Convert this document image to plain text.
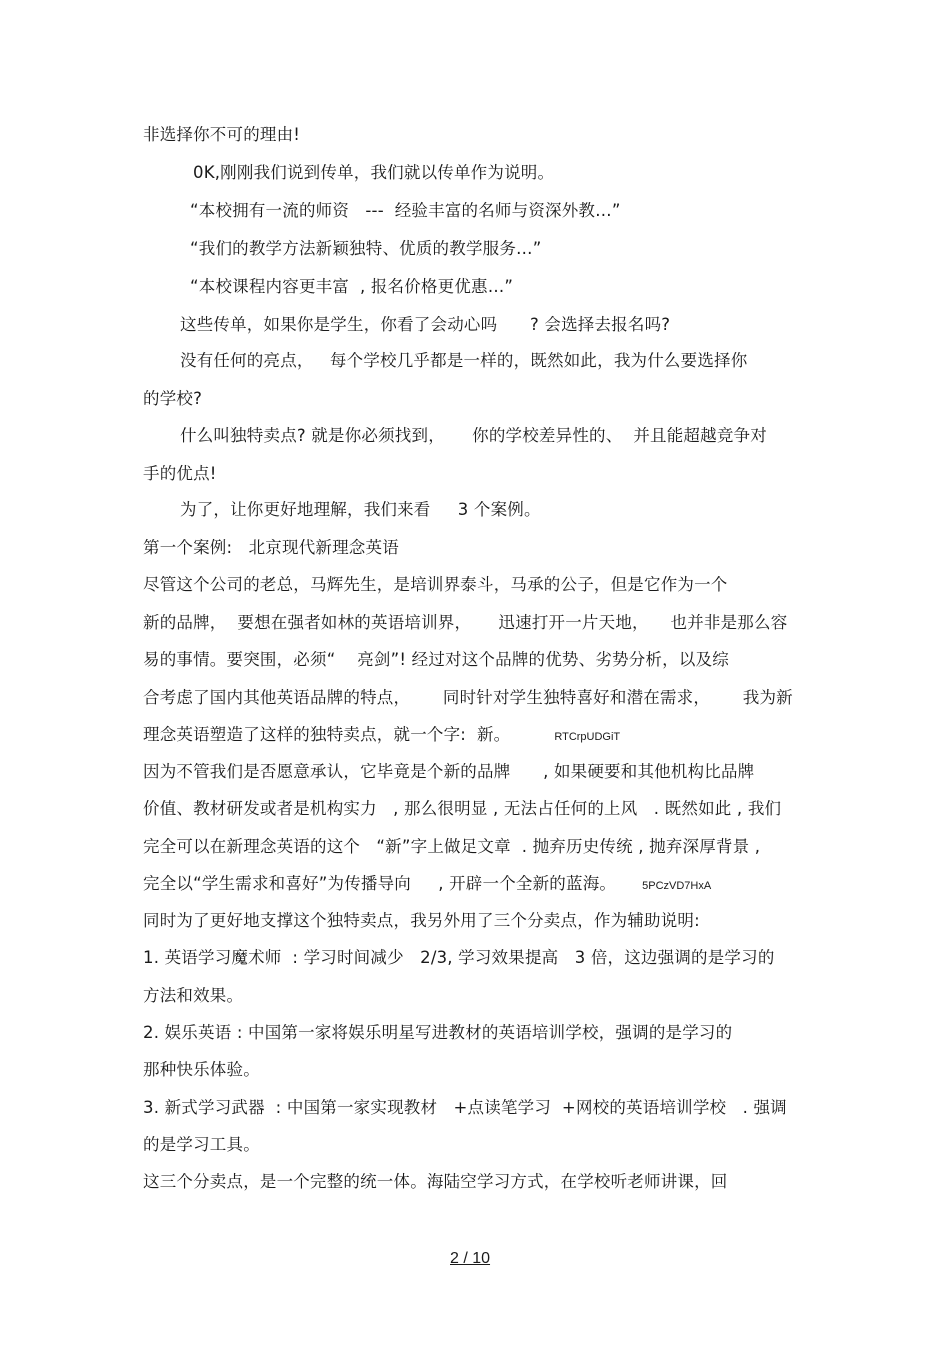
非选择你不可的理由!
0K,刚刚我们说到传单，我们就以传单作为说明。
“本校拥有一流的师资   ---  经验丰富的名师与资深外教…”
“我们的教学方法新颖独特、优质的教学服务…”
“本校课程内容更丰富  , 报名价格更优惠…”
这些传单，如果你是学生，你看了会动心吗      ? 会选择去报名吗?
没有任何的亮点，   每个学校几乎都是一样的，既然如此，我为什么要选择你
的学校?
什么叫独特卖点? 就是你必须找到，     你的学校差异性的、  并且能超越竞争对
手的优点!
为了，让你更好地理解，我们来看     3 个案例。
第一个案例:   北京现代新理念英语
尽管这个公司的老总，马辉先生，是培训界泰斗，马承的公子，但是它作为一个
新的品牌，  要想在强者如林的英语培训界，     迅速打开一片天地，    也并非是那么容
易的事情。要突围，必须“    亮剑”! 经过对这个品牌的优势、劣势分析，以及综
合考虑了国内其他英语品牌的特点，      同时针对学生独特喜好和潜在需求，      我为新
理念英语塑造了这样的独特卖点，就一个字:  新。	RTCrpUDGiT
因为不管我们是否愿意承认，它毕竟是个新的品牌      , 如果硬要和其他机构比品牌
价值、教材研发或者是机构实力   , 那么很明显 , 无法占任何的上风   . 既然如此 , 我们
完全可以在新理念英语的这个   “新”字上做足文章  . 抛弃历史传统 , 抛弃深厚背景 ,
完全以“学生需求和喜好”为传播导向     , 开辟一个全新的蓝海。 5PCzVD7HxA
同时为了更好地支撑这个独特卖点，我另外用了三个分卖点，作为辅助说明:
1. 英语学习魔术师  : 学习时间减少   2/3, 学习效果提高   3 倍，这边强调的是学习的
方法和效果。
2. 娱乐英语 : 中国第一家将娱乐明星写进教材的英语培训学校，强调的是学习的
那种快乐体验。
3. 新式学习武器  : 中国第一家实现教材   +点读笔学习  +网校的英语培训学校   . 强调
的是学习工具。
这三个分卖点，是一个完整的统一体。海陆空学习方式，在学校听老师讲课，回
2 / 10
